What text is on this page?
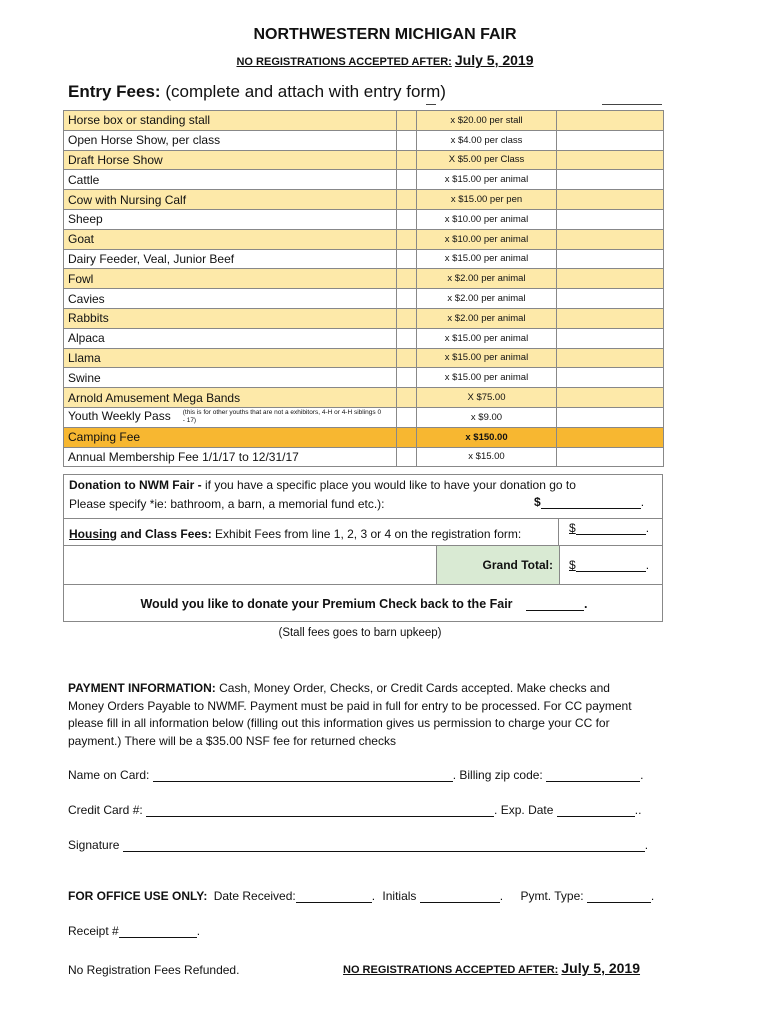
NORTHWESTERN MICHIGAN FAIR
NO REGISTRATIONS ACCEPTED AFTER: July 5, 2019
Entry Fees: (complete and attach with entry form)
Horse box or standing stall		x $20.00 per stall	
Open Horse Show, per class		x $4.00 per class	
Draft Horse Show		X $5.00 per Class	
Cattle		x $15.00 per animal	
Cow with Nursing Calf		x $15.00 per pen	
Sheep		x $10.00 per animal	
Goat		x $10.00 per animal	
Dairy Feeder, Veal, Junior Beef		x $15.00 per animal	
Fowl		x $2.00 per animal	
Cavies		x $2.00 per animal	
Rabbits		x $2.00 per animal	
Alpaca		x $15.00 per animal	
Llama		x $15.00 per animal	
Swine		x $15.00 per animal	
Arnold Amusement Mega Bands		X $75.00	
Youth Weekly Pass (this is for other youths that are not a exhibitors, 4-H or 4-H siblings 0 - 17)		x $9.00	
Camping Fee		x $150.00	
Annual Membership Fee 1/1/17 to 12/31/17		x $15.00	
Donation to NWM Fair - if you have a specific place you would like to have your donation go to
Please specify *ie: bathroom, a barn, a memorial fund etc.):	$	.
Housing and Class Fees: Exhibit Fees from line 1, 2, 3 or 4 on the registration form:	$	.
Grand Total: $	.
Would you like to donate your Premium Check back to the Fair	.
(Stall fees goes to barn upkeep)
PAYMENT INFORMATION: Cash, Money Order, Checks, or Credit Cards accepted. Make checks and Money Orders Payable to NWMF. Payment must be paid in full for entry to be processed. For CC payment please fill in all information below (filling out this information gives us permission to charge your CC for payment.) There will be a $35.00 NSF fee for returned checks
Name on Card:	. Billing zip code:	.
Credit Card #:	. Exp. Date	..
Signature	.
FOR OFFICE USE ONLY: Date Received:	. Initials	. Pymt. Type:	.
Receipt #	.
No Registration Fees Refunded.	NO REGISTRATIONS ACCEPTED AFTER: July 5, 2019
